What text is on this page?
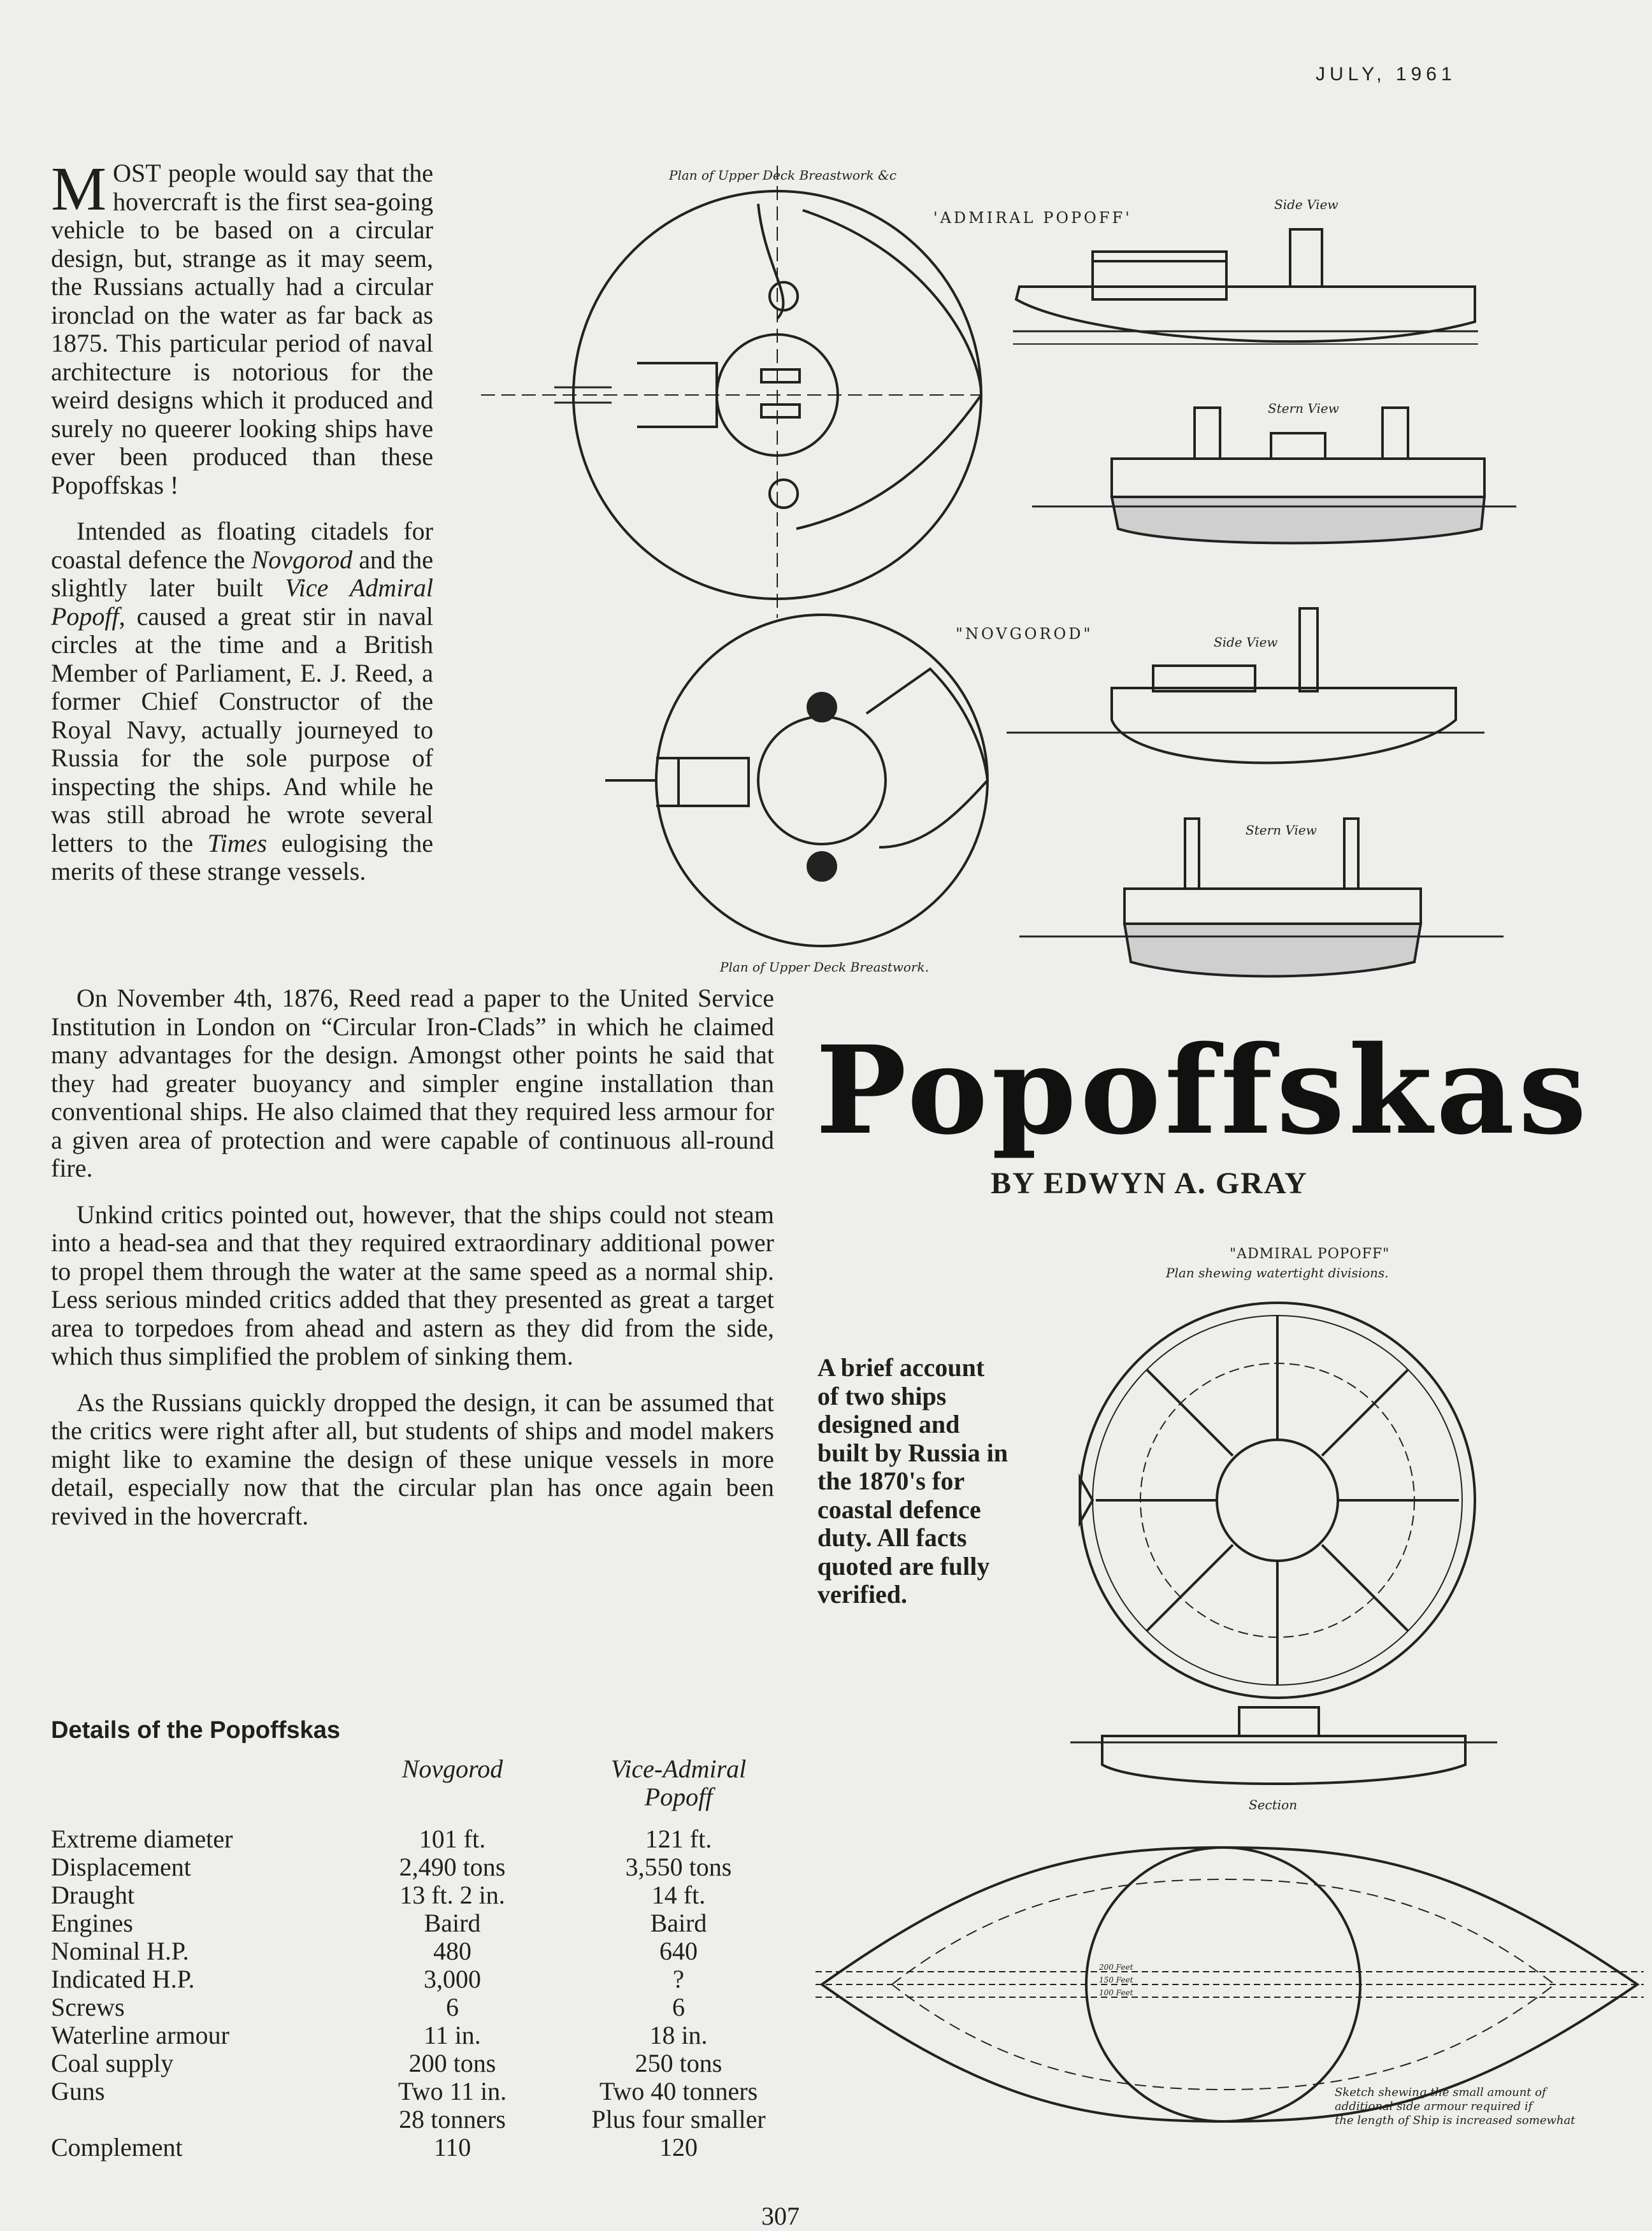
JULY, 1961

MOST people would say that the hovercraft is the first sea-going vehicle to be based on a circular design, but, strange as it may seem, the Russians actually had a circular ironclad on the water as far back as 1875. This particular period of naval architecture is notorious for the weird designs which it produced and surely no queerer looking ships have ever been produced than these Popoffskas !

Intended as floating citadels for coastal defence the Novgorod and the slightly later built Vice Admiral Popoff, caused a great stir in naval circles at the time and a British Member of Parliament, E. J. Reed, a former Chief Constructor of the Royal Navy, actually journeyed to Russia for the sole purpose of inspecting the ships. And while he was still abroad he wrote several letters to the Times eulogising the merits of these strange vessels.

On November 4th, 1876, Reed read a paper to the United Service Institution in London on “Circular Iron-Clads” in which he claimed many advantages for the design. Amongst other points he said that they had greater buoyancy and simpler engine installation than conventional ships. He also claimed that they required less armour for a given area of protection and were capable of continuous all-round fire.

Unkind critics pointed out, however, that the ships could not steam into a head-sea and that they required extraordinary additional power to propel them through the water at the same speed as a normal ship. Less serious minded critics added that they presented as great a target area to torpedoes from ahead and astern as they did from the side, which thus simplified the problem of sinking them.

As the Russians quickly dropped the design, it can be assumed that the critics were right after all, but students of ships and model makers might like to examine the design of these unique vessels in more detail, especially now that the circular plan has once again been revived in the hovercraft.

Details of the Popoffskas
	Novgorod	Vice-Admiral
Popoff

Extreme diameter	101 ft.	121 ft.
Displacement	2,490 tons	3,550 tons
Draught	13 ft. 2 in.	14 ft.
Engines	Baird	Baird
Nominal H.P.	480	640
Indicated H.P.	3,000	?
Screws	6	6
Waterline armour	11 in.	18 in.
Coal supply	200 tons	250 tons
Guns	Two 11 in.	Two 40 tonners
	28 tonners	Plus four smaller
Complement	110	120
Popoffskas
BY EDWYN A. GRAY
A brief account of two ships designed and built by Russia in the 1870's for coastal defence duty. All facts quoted are fully verified.
307
Plan of Upper Deck Breastwork &c
'ADMIRAL POPOFF'
Side View
Stern View
"NOVGOROD"	Side View
Stern View
Plan of Upper Deck Breastwork.
"ADMIRAL POPOFF"
Plan shewing watertight divisions.
Section
200 Feet
150 Feet
100 Feet
Sketch shewing the small amount of
additional side armour required if
the length of Ship is increased somewhat
